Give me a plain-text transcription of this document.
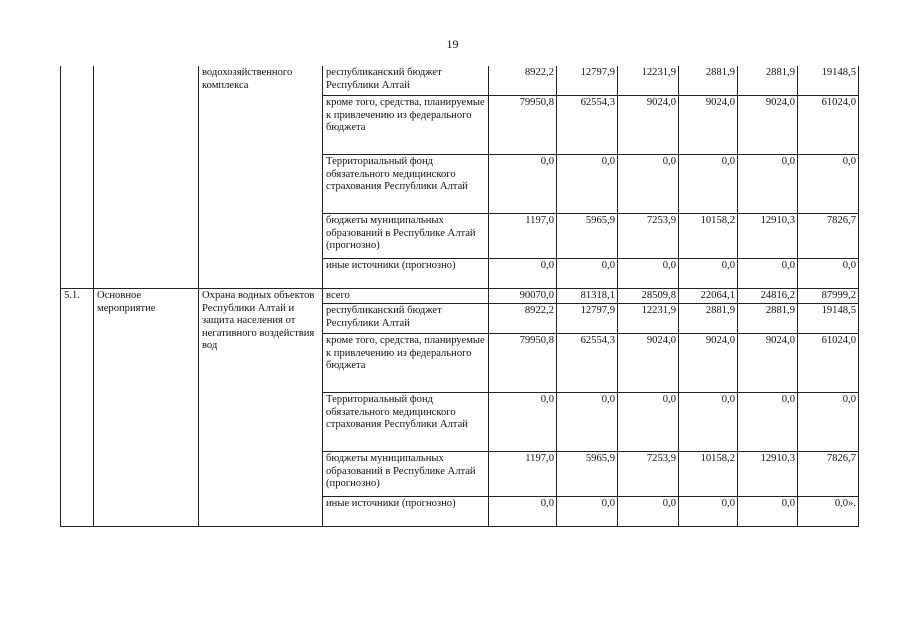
19
		водохозяйственного комплекса	республиканский бюджет Республики Алтай	8922,2	12797,9	12231,9	2881,9	2881,9	19148,5
			кроме того, средства, планируемые к привлечению из федерального бюджета	79950,8	62554,3	9024,0	9024,0	9024,0	61024,0
			Территориальный фонд обязательного медицинского страхования Республики Алтай	0,0	0,0	0,0	0,0	0,0	0,0
			бюджеты муниципальных образований в Республике Алтай (прогнозно)	1197,0	5965,9	7253,9	10158,2	12910,3	7826,7
			иные источники (прогнозно)	0,0	0,0	0,0	0,0	0,0	0,0
5.1.	Основное мероприятие	Охрана водных объектов Республики Алтай и защита населения от негативного воздействия вод	всего	90070,0	81318,1	28509,8	22064,1	24816,2	87999,2
			республиканский бюджет Республики Алтай	8922,2	12797,9	12231,9	2881,9	2881,9	19148,5
			кроме того, средства, планируемые к привлечению из федерального бюджета	79950,8	62554,3	9024,0	9024,0	9024,0	61024,0
			Территориальный фонд обязательного медицинского страхования Республики Алтай	0,0	0,0	0,0	0,0	0,0	0,0
			бюджеты муниципальных образований в Республике Алтай (прогнозно)	1197,0	5965,9	7253,9	10158,2	12910,3	7826,7
			иные источники (прогнозно)	0,0	0,0	0,0	0,0	0,0	0,0».
